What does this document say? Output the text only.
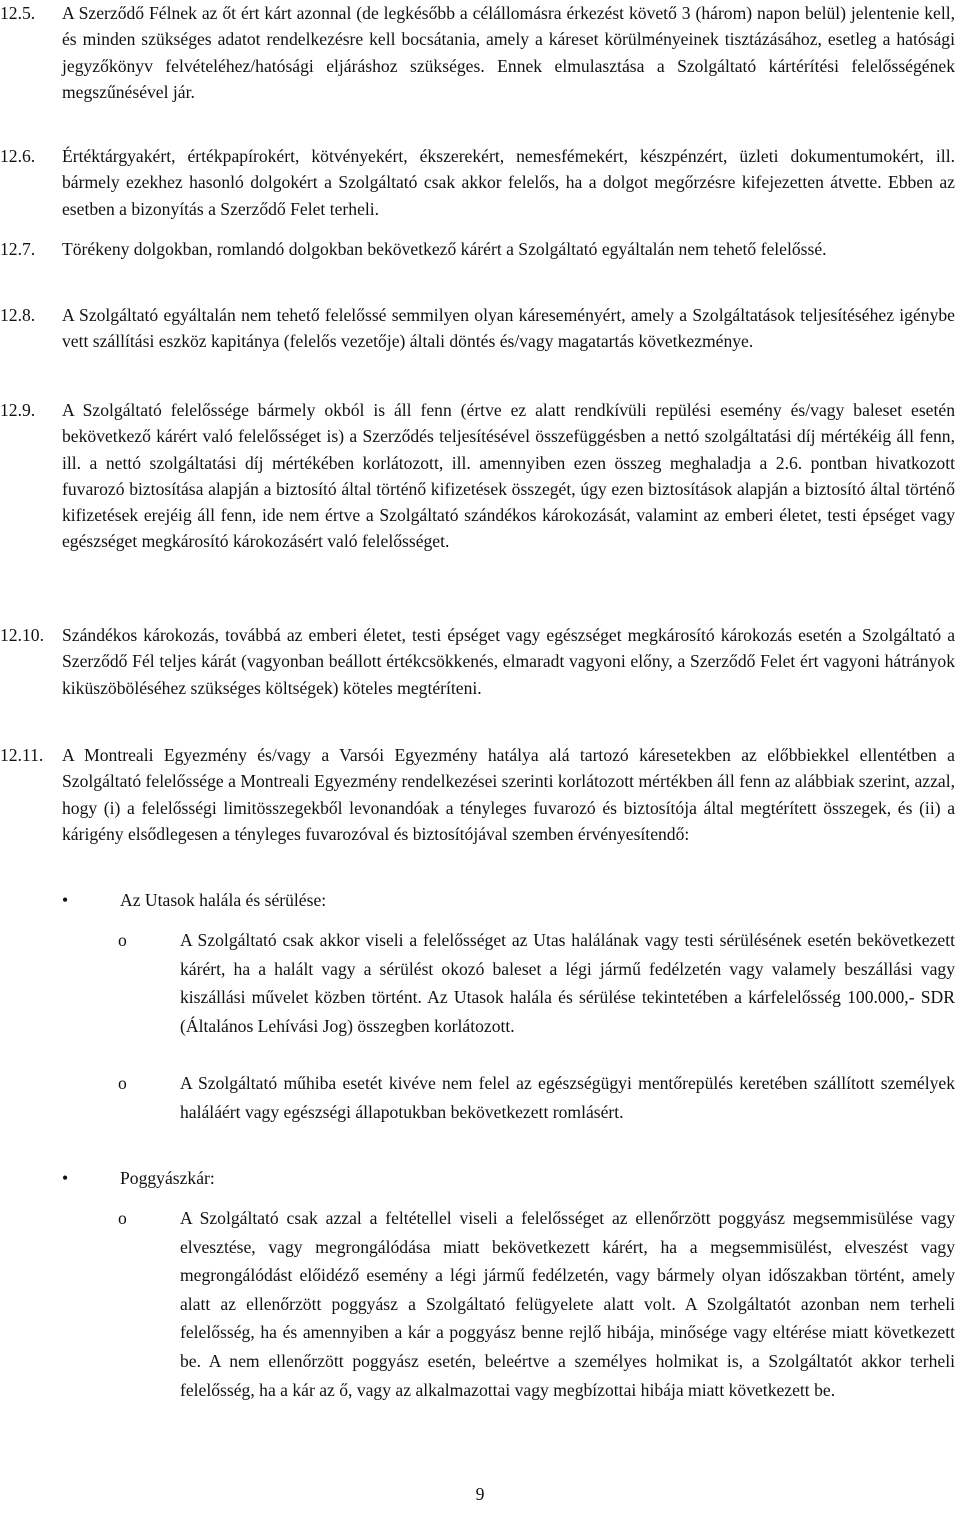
12.5. A Szerződő Félnek az őt ért kárt azonnal (de legkésőbb a célállomásra érkezést követő 3 (három) napon belül) jelentenie kell, és minden szükséges adatot rendelkezésre kell bocsátania, amely a káreset körülményeinek tisztázásához, esetleg a hatósági jegyzőkönyv felvételéhez/hatósági eljáráshoz szükséges. Ennek elmulasztása a Szolgáltató kártérítési felelősségének megszűnésével jár.
12.6. Értéktárgyakért, értékpapírokért, kötvényekért, ékszerekért, nemesfémekért, készpénzért, üzleti dokumentumokért, ill. bármely ezekhez hasonló dolgokért a Szolgáltató csak akkor felelős, ha a dolgot megőrzésre kifejezetten átvette. Ebben az esetben a bizonyítás a Szerződő Felet terheli.
12.7. Törékeny dolgokban, romlandó dolgokban bekövetkező kárért a Szolgáltató egyáltalán nem tehető felelőssé.
12.8. A Szolgáltató egyáltalán nem tehető felelőssé semmilyen olyan káreseményért, amely a Szolgáltatások teljesítéséhez igénybe vett szállítási eszköz kapitánya (felelős vezetője) általi döntés és/vagy magatartás következménye.
12.9. A Szolgáltató felelőssége bármely okból is áll fenn (értve ez alatt rendkívüli repülési esemény és/vagy baleset esetén bekövetkező kárért való felelősséget is) a Szerződés teljesítésével összefüggésben a nettó szolgáltatási díj mértékéig áll fenn, ill. a nettó szolgáltatási díj mértékében korlátozott, ill. amennyiben ezen összeg meghaladja a 2.6. pontban hivatkozott fuvarozó biztosítása alapján a biztosító által történő kifizetések összegét, úgy ezen biztosítások alapján a biztosító által történő kifizetések erejéig áll fenn, ide nem értve a Szolgáltató szándékos károkozását, valamint az emberi életet, testi épséget vagy egészséget megkárosító károkozásért való felelősséget.
12.10. Szándékos károkozás, továbbá az emberi életet, testi épséget vagy egészséget megkárosító károkozás esetén a Szolgáltató a Szerződő Fél teljes kárát (vagyonban beállott értékcsökkenés, elmaradt vagyoni előny, a Szerződő Felet ért vagyoni hátrányok kiküszöböléséhez szükséges költségek) köteles megtéríteni.
12.11. A Montreali Egyezmény és/vagy a Varsói Egyezmény hatálya alá tartozó káresetekben az előbbiekkel ellentétben a Szolgáltató felelőssége a Montreali Egyezmény rendelkezései szerinti korlátozott mértékben áll fenn az alábbiak szerint, azzal, hogy (i) a felelősségi limitösszegekből levonandóak a tényleges fuvarozó és biztosítója által megtérített összegek, és (ii) a kárigény elsődlegesen a tényleges fuvarozóval és biztosítójával szemben érvényesítendő:
•	Az Utasok halála és sérülése:
o	A Szolgáltató csak akkor viseli a felelősséget az Utas halálának vagy testi sérülésének esetén bekövetkezett kárért, ha a halált vagy a sérülést okozó baleset a légi jármű fedélzetén vagy valamely beszállási vagy kiszállási művelet közben történt. Az Utasok halála és sérülése tekintetében a kárfelelősség 100.000,- SDR (Általános Lehívási Jog) összegben korlátozott.
o	A Szolgáltató műhiba esetét kivéve nem felel az egészségügyi mentőrepülés keretében szállított személyek haláláért vagy egészségi állapotukban bekövetkezett romlásért.
•	Poggyászkár:
o	A Szolgáltató csak azzal a feltétellel viseli a felelősséget az ellenőrzött poggyász megsemmisülése vagy elvesztése, vagy megrongálódása miatt bekövetkezett kárért, ha a megsemmisülést, elveszést vagy megrongálódást előidéző esemény a légi jármű fedélzetén, vagy bármely olyan időszakban történt, amely alatt az ellenőrzött poggyász a Szolgáltató felügyelete alatt volt. A Szolgáltatót azonban nem terheli felelősség, ha és amennyiben a kár a poggyász benne rejlő hibája, minősége vagy eltérése miatt következett be. A nem ellenőrzött poggyász esetén, beleértve a személyes holmikat is, a Szolgáltatót akkor terheli felelősség, ha a kár az ő, vagy az alkalmazottai vagy megbízottai hibája miatt következett be.
9
